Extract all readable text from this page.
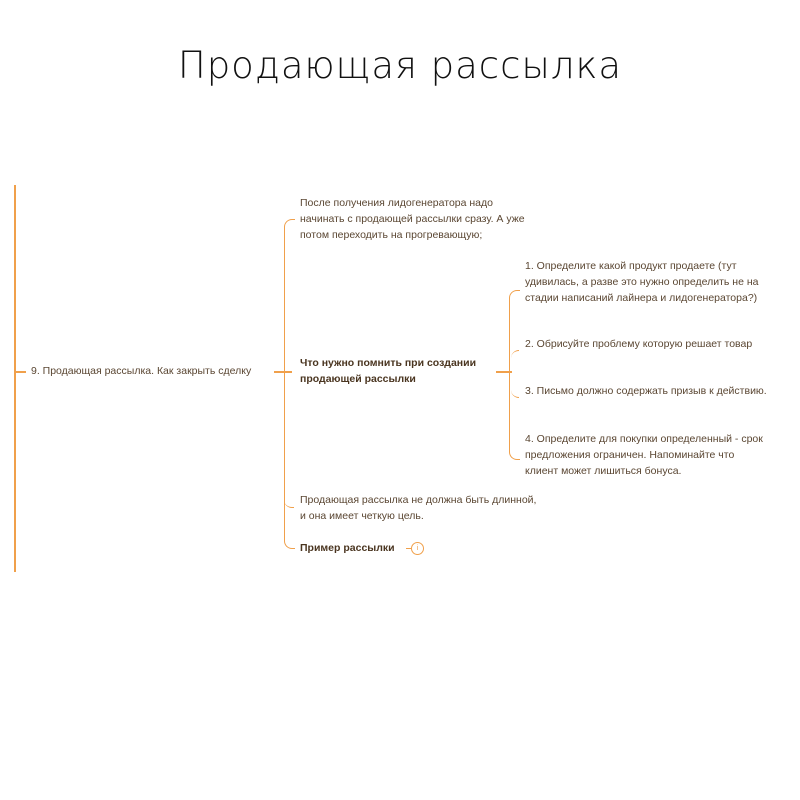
Продающая рассылка
9. Продающая рассылка. Как закрыть сделку
После получения лидогенератора надо начинать с продающей рассылки сразу. А уже потом переходить на прогревающую;
Что нужно помнить при создании продающей рассылки
1. Определите какой продукт продаете (тут удивилась, а разве это нужно определить не на стадии написаний лайнера и лидогенератора?)
2. Обрисуйте проблему которую решает товар
3. Письмо должно содержать призыв к действию.
4. Определите для покупки определенный - срок предложения ограничен. Напоминайте что клиент может лишиться бонуса.
Продающая рассылка не должна быть длинной, и она имеет четкую цель.
Пример рассылки	i
